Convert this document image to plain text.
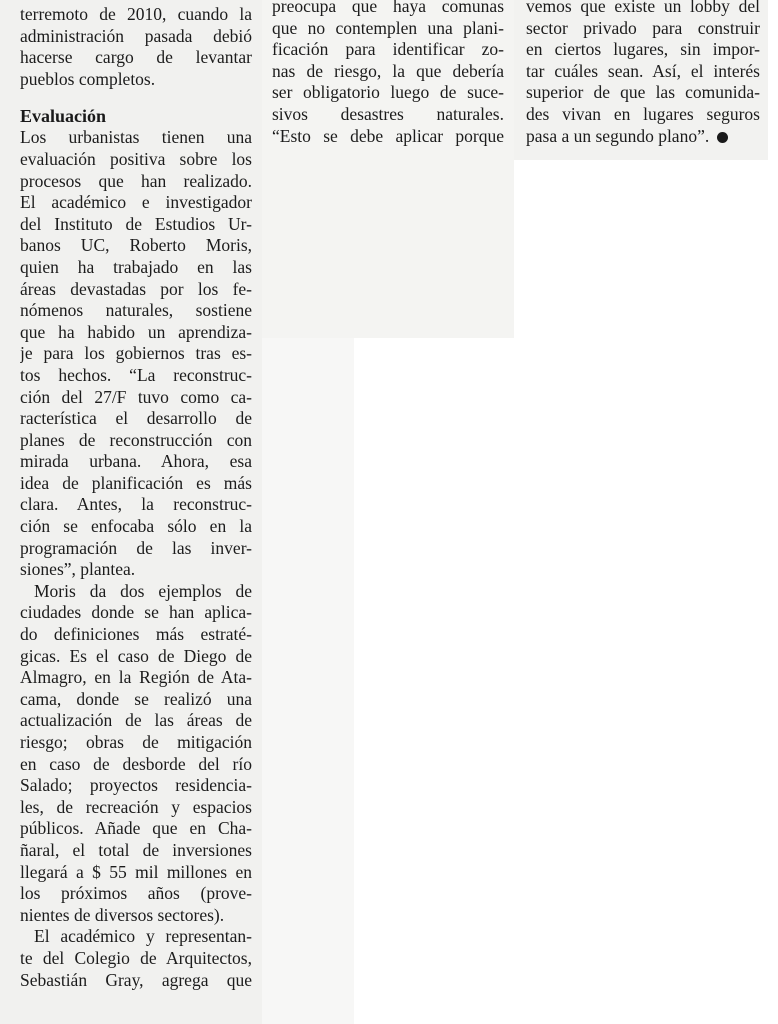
terremoto de 2010, cuando la
administración pasada debió
hacerse cargo de levantar
pueblos completos.
Evaluación
Los urbanistas tienen una
evaluación positiva sobre los
procesos que han realizado.
El académico e investigador
del Instituto de Estudios Ur-
banos UC, Roberto Moris,
quien ha trabajado en las
áreas devastadas por los fe-
nómenos naturales, sostiene
que ha habido un aprendiza-
je para los gobiernos tras es-
tos hechos. “La reconstruc-
ción del 27/F tuvo como ca-
racterística el desarrollo de
planes de reconstrucción con
mirada urbana. Ahora, esa
idea de planificación es más
clara. Antes, la reconstruc-
ción se enfocaba sólo en la
programación de las inver-
siones”, plantea.
Moris da dos ejemplos de
ciudades donde se han aplica-
do definiciones más estraté-
gicas. Es el caso de Diego de
Almagro, en la Región de Ata-
cama, donde se realizó una
actualización de las áreas de
riesgo; obras de mitigación
en caso de desborde del río
Salado; proyectos residencia-
les, de recreación y espacios
públicos. Añade que en Cha-
ñaral, el total de inversiones
llegará a $ 55 mil millones en
los próximos años (prove-
nientes de diversos sectores).
El académico y representan-
te del Colegio de Arquitectos,
Sebastián Gray, agrega que
preocupa que haya comunas
que no contemplen una plani-
ficación para identificar zo-
nas de riesgo, la que debería
ser obligatorio luego de suce-
sivos desastres naturales.
“Esto se debe aplicar porque
vemos que existe un lobby del
sector privado para construir
en ciertos lugares, sin impor-
tar cuáles sean. Así, el interés
superior de que las comunida-
des vivan en lugares seguros
pasa a un segundo plano”.
